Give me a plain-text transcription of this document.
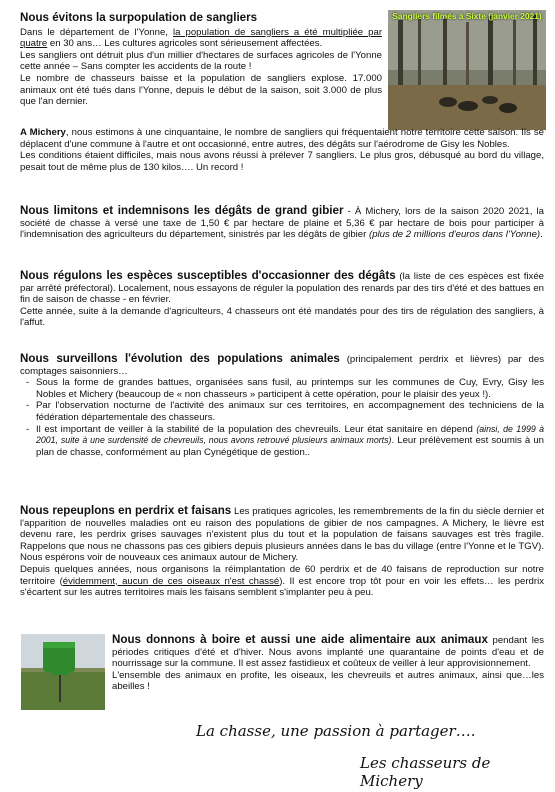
Sangliers filmés à Sixte (janvier 2021)

Nous évitons la surpopulation de sangliers

Dans le département de l'Yonne, la population de sangliers a été multipliée par quatre en 30 ans… Les cultures agricoles sont sérieusement affectées.

Les sangliers ont détruit plus d'un millier d'hectares de surfaces agricoles de l'Yonne cette année – Sans compter les accidents de la route !

Le nombre de chasseurs baisse et la population de sangliers explose. 17.000 animaux ont été tués dans l'Yonne, depuis le début de la saison, soit 3.000 de plus que l'an dernier.

A Michery, nous estimons à une cinquantaine, le nombre de sangliers qui fréquentaient notre territoire cette saison. Ils se déplacent d'une commune à l'autre et ont occasionné, entre autres, des dégâts sur l'aérodrome de Gisy les Nobles.

Les conditions étaient difficiles, mais nous avons réussi à prélever 7 sangliers. Le plus gros, débusqué au bord du village, pesait tout de même plus de 130 kilos…. Un record !

Nous limitons et indemnisons les dégâts de grand gibier - À Michery, lors de la saison 2020 2021, la société de chasse à versé une taxe de 1,50 € par hectare de plaine et 5,36 € par hectare de bois pour participer à l'indemnisation des agriculteurs du département, sinistrés par les dégâts de gibier (plus de 2 millions d'euros dans l'Yonne).

Nous régulons les espèces susceptibles d'occasionner des dégâts (la liste de ces espèces est fixée par arrêté préfectoral). Localement, nous essayons de réguler la population des renards par des tirs d'été et des battues en fin de saison de chasse - en février.

Cette année, suite à la demande d'agriculteurs, 4 chasseurs ont été mandatés pour des tirs de régulation des sangliers, à l'affut.

Nous surveillons l'évolution des populations animales (principalement perdrix et lièvres) par des comptages saisonniers…

- Sous la forme de grandes battues, organisées sans fusil, au printemps sur les communes de Cuy, Evry, Gisy les Nobles et Michery (beaucoup de « non chasseurs » participent à cette opération, pour le plaisir des yeux !).
- Par l'observation nocturne de l'activité des animaux sur ces territoires, en accompagnement des techniciens de la fédération départementale des chasseurs.
- Il est important de veiller à la stabilité de la population des chevreuils. Leur état sanitaire en dépend (ainsi, de 1999 à 2001, suite à une surdensité de chevreuils, nous avons retrouvé plusieurs animaux morts). Leur prélèvement est soumis à un plan de chasse, conformément au plan Cynégétique de gestion..

Nous repeuplons en perdrix et faisans Les pratiques agricoles, les remembrements de la fin du siècle dernier et l'apparition de nouvelles maladies ont eu raison des populations de gibier de nos campagnes. A Michery, le lièvre est devenu rare, les perdrix grises sauvages n'existent plus du tout et la population de faisans sauvages est très fragile. Rappelons que nous ne chassons pas ces gibiers depuis plusieurs années dans le bas du village (entre l'Yonne et le TGV). Nous espérons voir de nouveaux ces animaux autour de Michery.

Depuis quelques années, nous organisons la réimplantation de 60 perdrix et de 40 faisans de reproduction sur notre territoire (évidemment, aucun de ces oiseaux n'est chassé). Il est encore trop tôt pour en voir les effets… les perdrix s'écartent sur les autres territoires mais les faisans semblent s'implanter peu à peu.

Nous donnons à boire et aussi une aide alimentaire aux animaux pendant les périodes critiques d'été et d'hiver. Nous avons implanté une quarantaine de points d'eau et de nourrissage sur la commune. Il est assez fastidieux et coûteux de veiller à leur approvisionnement.

L'ensemble des animaux en profite, les oiseaux, les chevreuils et autres animaux, ainsi que…les abeilles !

La chasse, une passion à partager….
Les chasseurs de Michery
